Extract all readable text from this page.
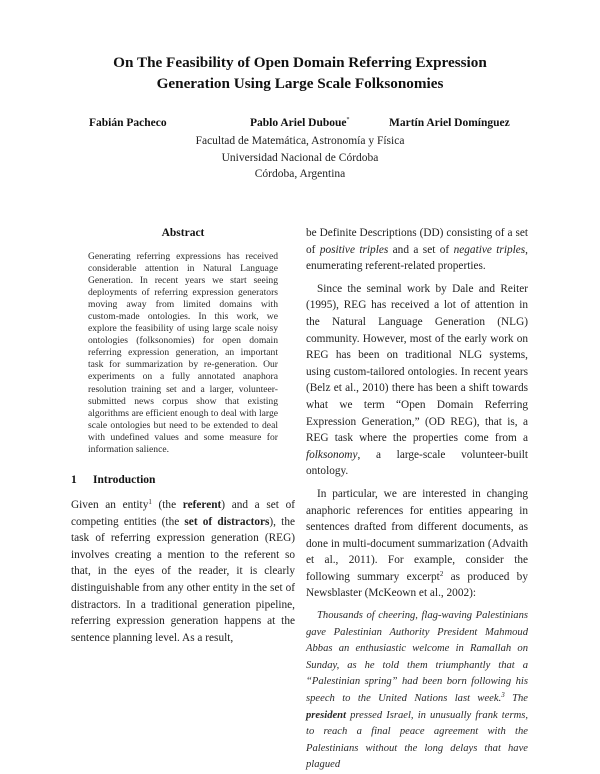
On The Feasibility of Open Domain Referring Expression
Generation Using Large Scale Folksonomies
Fabián Pacheco	Pablo Ariel Duboue*	Martín Ariel Domínguez
Facultad de Matemática, Astronomía y Física
Universidad Nacional de Córdoba
Córdoba, Argentina
Abstract

Generating referring expressions has received considerable attention in Natural Language Generation. In recent years we start seeing deployments of referring expression generators moving away from limited domains with custom-made ontologies. In this work, we explore the feasibility of using large scale noisy ontologies (folksonomies) for open domain referring expression generation, an important task for summarization by re-generation. Our experiments on a fully annotated anaphora resolution training set and a larger, volunteer-submitted news corpus show that existing algorithms are efficient enough to deal with large scale ontologies but need to be extended to deal with undefined values and some measure for information salience.

1 Introduction

Given an entity$^1$ (the referent) and a set of competing entities (the set of distractors), the task of referring expression generation (REG) involves creating a mention to the referent so that, in the eyes of the reader, it is clearly distinguishable from any other entity in the set of distractors. In a traditional generation pipeline, referring expression generation happens at the sentence planning level. As a result,

be Definite Descriptions (DD) consisting of a set of positive triples and a set of negative triples, enumerating referent-related properties.

Since the seminal work by Dale and Reiter (1995), REG has received a lot of attention in the Natural Language Generation (NLG) community. However, most of the early work on REG has been on traditional NLG systems, using custom-tailored ontologies. In recent years (Belz et al., 2010) there has been a shift towards what we term “Open Domain Referring Expression Generation,” (OD REG), that is, a REG task where the properties come from a folksonomy, a large-scale volunteer-built ontology.

In particular, we are interested in changing anaphoric references for entities appearing in sentences drafted from different documents, as done in multi-document summarization (Advaith et al., 2011). For example, consider the following summary excerpt$^2$ as produced by Newsblaster (McKeown et al., 2002):

Thousands of cheering, flag-waving Palestinians gave Palestinian Authority President Mahmoud Abbas an enthusiastic welcome in Ramallah on Sunday, as he told them triumphantly that a “Palestinian spring” had been born following his speech to the United Nations last week.$^3$ The president pressed Israel, in unusually frank terms, to reach a final peace agreement with the Palestinians without the long delays that have plagued
